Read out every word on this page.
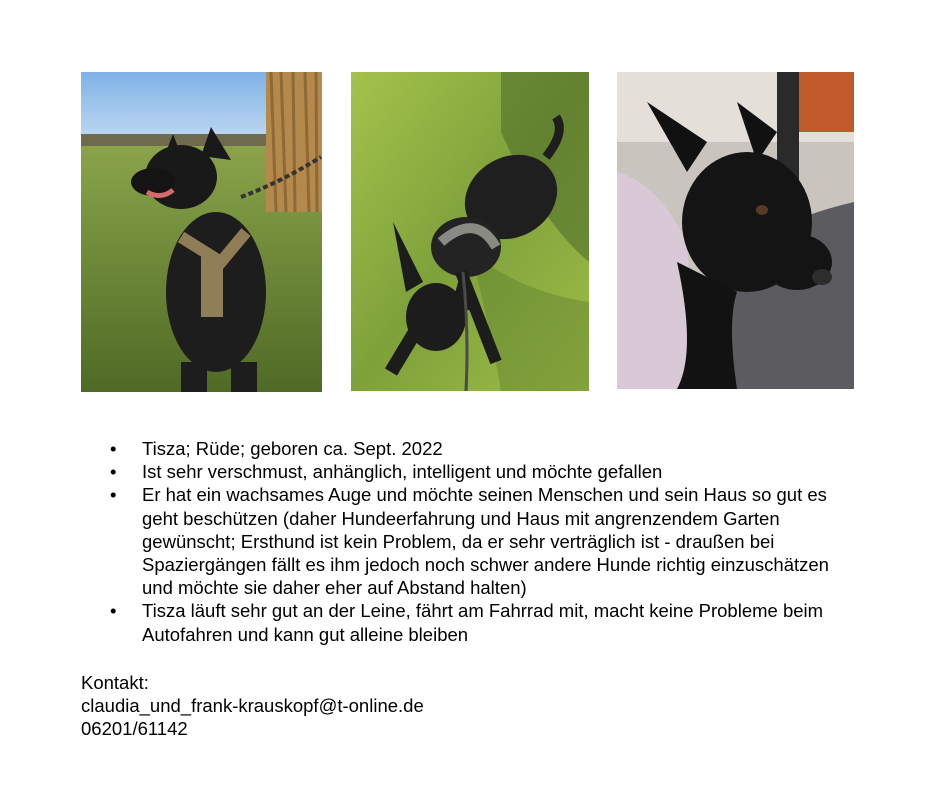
• Tisza; Rüde; geboren ca. Sept. 2022
• Ist sehr verschmust, anhänglich, intelligent und möchte gefallen
• Er hat ein wachsames Auge und möchte seinen Menschen und sein Haus so gut es geht beschützen (daher Hundeerfahrung und Haus mit angrenzendem Garten gewünscht; Ersthund ist kein Problem, da er sehr verträglich ist - draußen bei Spaziergängen fällt es ihm jedoch noch schwer andere Hunde richtig einzuschätzen und möchte sie daher eher auf Abstand halten)
• Tisza läuft sehr gut an der Leine, fährt am Fahrrad mit, macht keine Probleme beim Autofahren und kann gut alleine bleiben
Kontakt:
claudia_und_frank-krauskopf@t-online.de
06201/61142
